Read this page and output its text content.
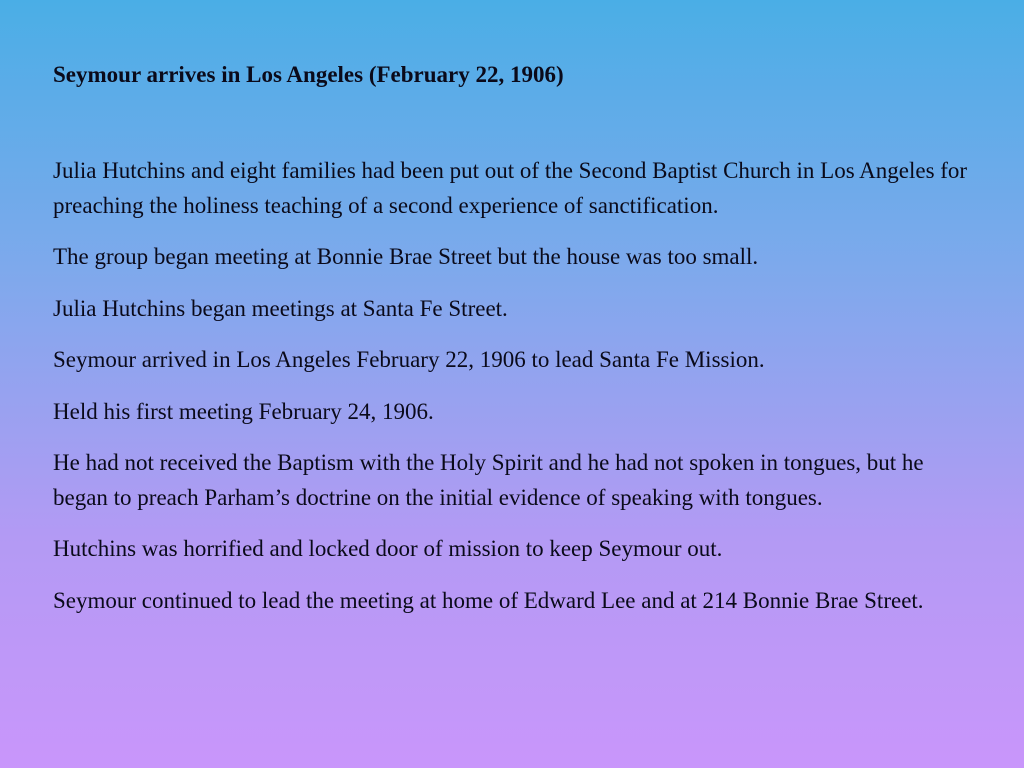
Seymour arrives in Los Angeles (February 22, 1906)

Julia Hutchins and eight families had been put out of the Second Baptist Church in Los Angeles for preaching the holiness teaching of a second experience of sanctification.

The group began meeting at Bonnie Brae Street but the house was too small.

Julia Hutchins began meetings at Santa Fe Street.

Seymour arrived in Los Angeles February 22, 1906 to lead Santa Fe Mission.

Held his first meeting February 24, 1906.

He had not received the Baptism with the Holy Spirit and he had not spoken in tongues, but he began to preach Parham’s doctrine on the initial evidence of speaking with tongues.

Hutchins was horrified and locked door of mission to keep Seymour out.

Seymour continued to lead the meeting at home of Edward Lee and at 214 Bonnie Brae Street.
